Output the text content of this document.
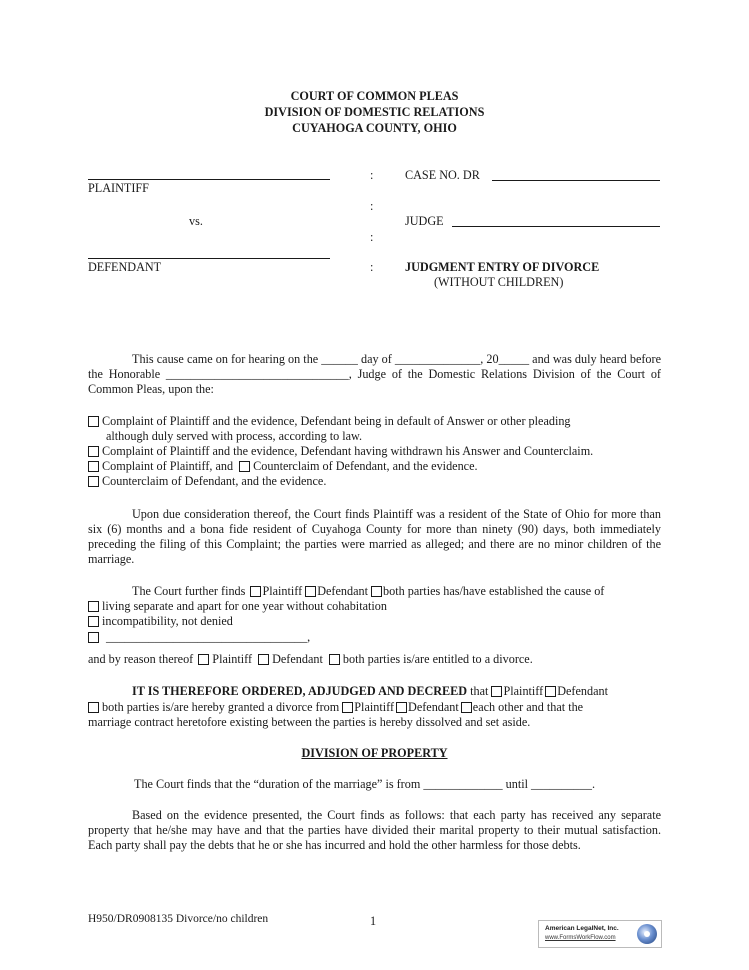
COURT OF COMMON PLEAS
DIVISION OF DOMESTIC RELATIONS
CUYAHOGA COUNTY, OHIO
PLAINTIFF
vs.
DEFENDANT
:
:
:
:
CASE NO. DR
JUDGE
JUDGMENT ENTRY OF DIVORCE
(WITHOUT CHILDREN)
This cause came on for hearing on the ______ day of ______________, 20_____ and was duly heard before the Honorable ______________________________, Judge of the Domestic Relations Division of the Court of Common Pleas, upon the:
Complaint of Plaintiff and the evidence, Defendant being in default of Answer or other pleading
although duly served with process, according to law.
Complaint of Plaintiff and the evidence, Defendant having withdrawn his Answer and Counterclaim.
Complaint of Plaintiff, and Counterclaim of Defendant, and the evidence.
Counterclaim of Defendant, and the evidence.
Upon due consideration thereof, the Court finds Plaintiff was a resident of the State of Ohio for more than six (6) months and a bona fide resident of Cuyahoga County for more than ninety (90) days, both immediately preceding the filing of this Complaint; the parties were married as alleged; and there are no minor children of the marriage.
The Court further finds Plaintiff Defendant both parties has/have established the cause of
living separate and apart for one year without cohabitation
incompatibility, not denied
_________________________________,
and by reason thereof Plaintiff Defendant both parties is/are entitled to a divorce.
IT IS THEREFORE ORDERED, ADJUDGED AND DECREED that Plaintiff Defendant
both parties is/are hereby granted a divorce from Plaintiff Defendant each other and that the
marriage contract heretofore existing between the parties is hereby dissolved and set aside.
DIVISION OF PROPERTY
The Court finds that the “duration of the marriage” is from _____________ until __________.
Based on the evidence presented, the Court finds as follows: that each party has received any separate property that he/she may have and that the parties have divided their marital property to their mutual satisfaction. Each party shall pay the debts that he or she has incurred and hold the other harmless for those debts.
H950/DR0908135 Divorce/no children	1
American LegalNet, Inc.
www.FormsWorkFlow.com
